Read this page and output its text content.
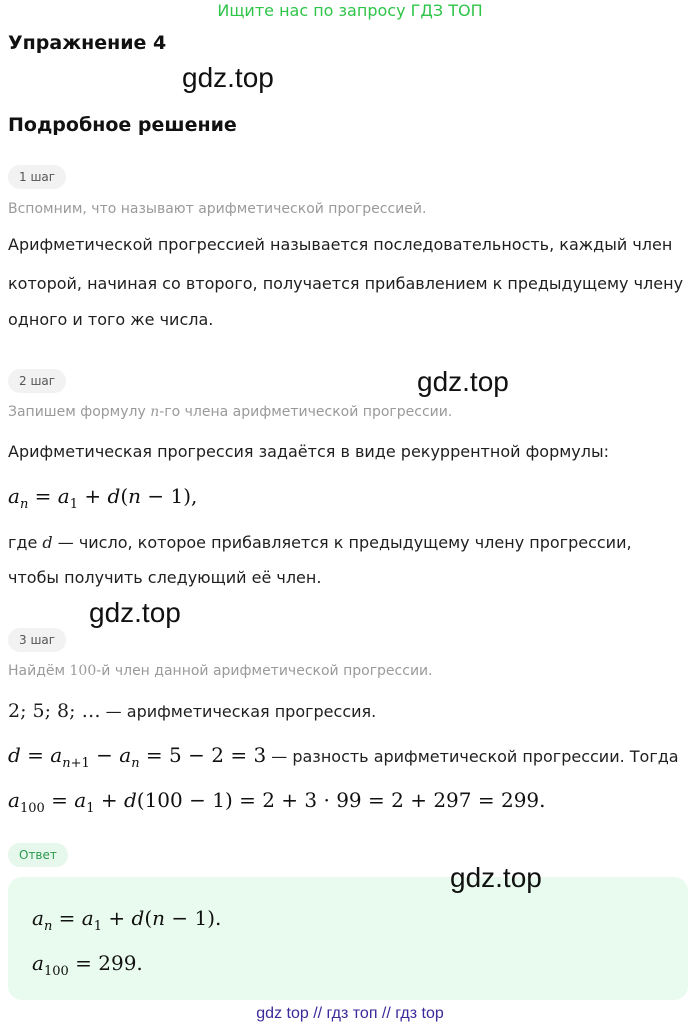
Ищите нас по запросу ГДЗ ТОП
Упражнение 4
gdz.top
Подробное решение
1 шаг
Вспомним, что называют арифметической прогрессией.
Арифметической прогрессией называется последовательность, каждый член
которой, начиная со второго, получается прибавлением к предыдущему члену
одного и того же числа.
2 шаг	gdz.top
Запишем формулу n-го члена арифметической прогрессии.
Арифметическая прогрессия задаётся в виде рекуррентной формулы:
$a_n = a_1 + d(n - 1)$,
где d — число, которое прибавляется к предыдущему члену прогрессии,
чтобы получить следующий её член.
gdz.top
3 шаг
Найдём 100-й член данной арифметической прогрессии.
2; 5; 8; … — арифметическая прогрессия.
$d = a_{n+1} - a_n = 5 - 2 = 3$ — разность арифметической прогрессии. Тогда
$a_{100} = a_1 + d(100 - 1) = 2 + 3 \cdot 99 = 2 + 297 = 299$.
Ответ
gdz.top
$a_n = a_1 + d(n - 1)$.
$a_{100} = 299$.
gdz top // гдз топ // гдз top
